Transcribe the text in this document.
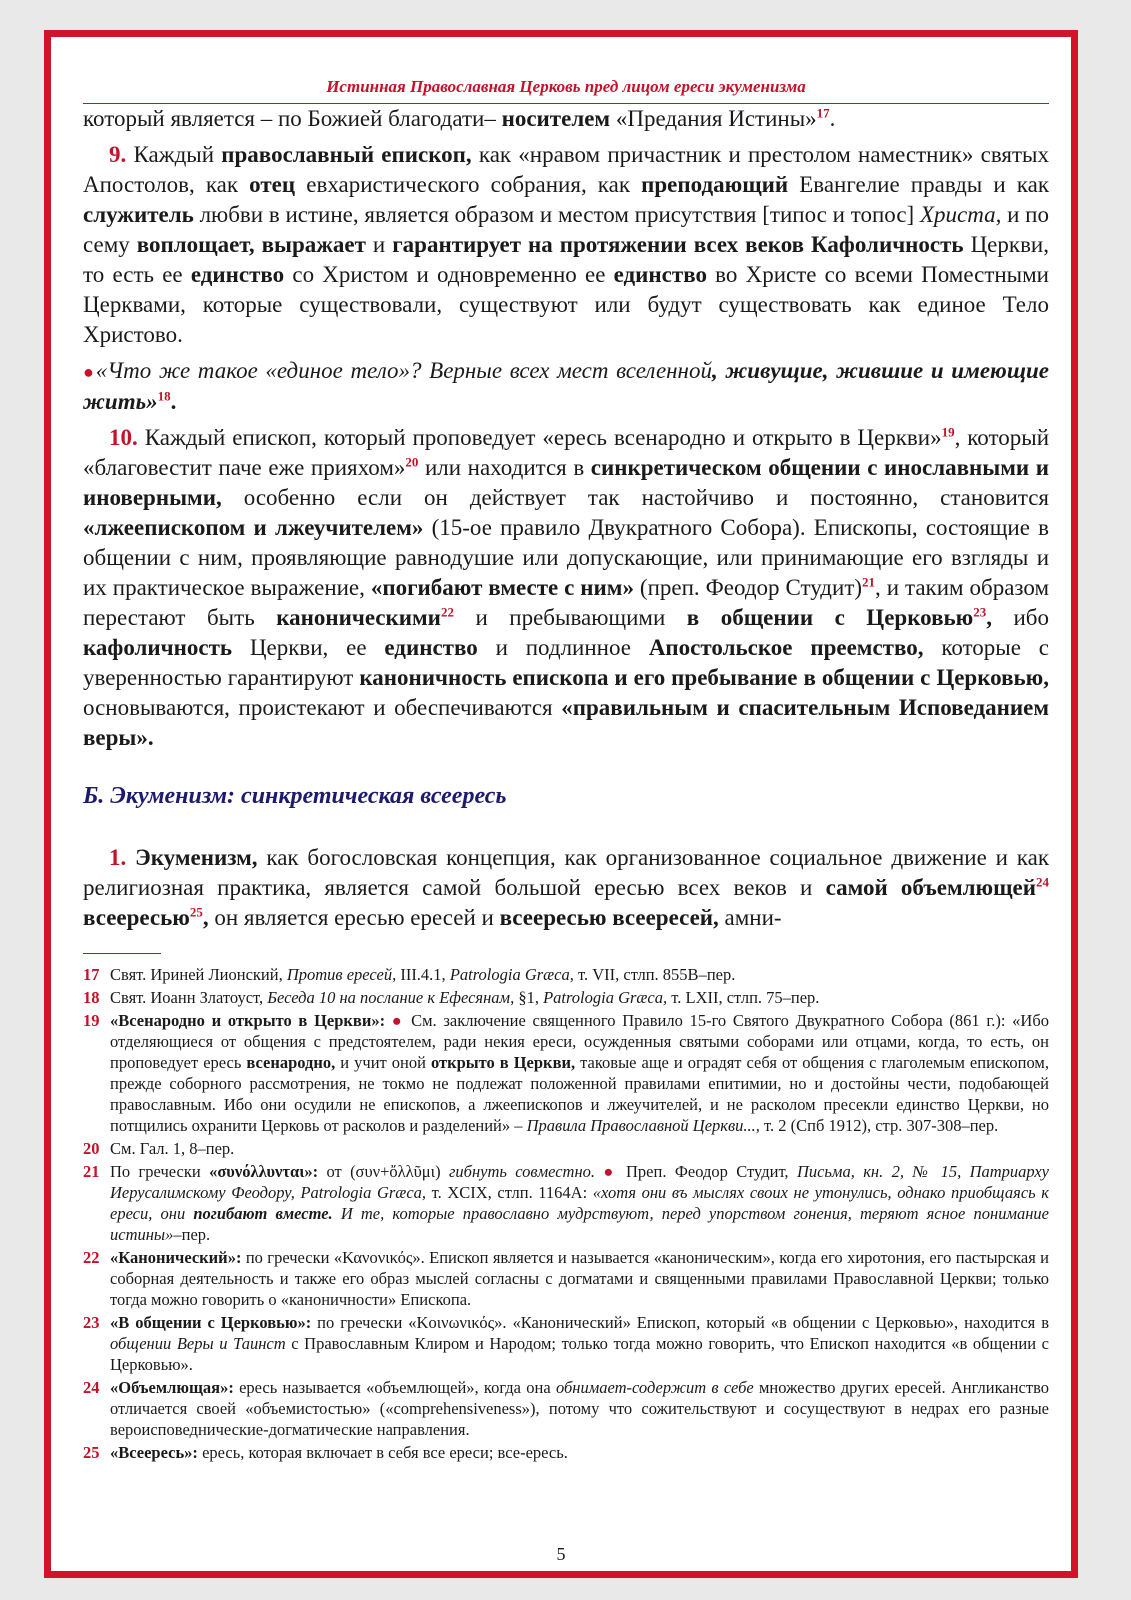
Истинная Православная Церковь пред лицом ереси экуменизма

который является – по Божией благодати– носителем «Предания Истины»$^{17}$.

9. Каждый православный епископ, как «нравом причастник и престолом наместник» святых Апостолов, как отец евхаристического собрания, как преподающий Евангелие правды и как служитель любви в истине, является образом и местом присутствия [типос и топос] Христа, и по сему воплощает, выражает и гарантирует на протяжении всех веков Кафоличность Церкви, то есть ее единство со Христом и одновременно ее единство во Христе со всеми Поместными Церквами, которые существовали, существуют или будут существовать как единое Тело Христово.

●«Что же такое «единое тело»? Верные всех мест вселенной, живущие, жившие и имеющие жить»$^{18}$.

10. Каждый епископ, который проповедует «ересь всенародно и открыто в Церкви»$^{19}$, который «благовестит паче еже прияхом»$^{20}$ или находится в синкретическом общении с инославными и иноверными, особенно если он действует так настойчиво и постоянно, становится «лжеепископом и лжеучителем» (15-ое правило Двукратного Собора). Епископы, состоящие в общении с ним, проявляющие равнодушие или допускающие, или принимающие его взгляды и их практическое выражение, «погибают вместе с ним» (преп. Феодор Студит)$^{21}$, и таким образом перестают быть каноническими$^{22}$ и пребывающими в общении с Церковью$^{23}$, ибо кафоличность Церкви, ее единство и подлинное Апостольское преемство, которые с уверенностью гарантируют каноничность епископа и его пребывание в общении с Церковью, основываются, проистекают и обеспечиваются «правильным и спасительным Исповеданием веры».

Б. Экуменизм: синкретическая всеересь

1. Экуменизм, как богословская концепция, как организованное социальное движение и как религиозная практика, является самой большой ересью всех веков и самой объемлющей$^{24}$ всеересью$^{25}$, он является ересью ересей и всеересью всеересей, амни-

17 Свят. Ириней Лионский, Против ересей, III.4.1, Patrologia Græca, т. VII, стлп. 855B–пер.
18 Свят. Иоанн Златоуст, Беседа 10 на послание к Ефесянам, §1, Patrologia Græca, т. LXII, стлп. 75–пер.
19 «Всенародно и открыто в Церкви»: ● См. заключение священного Правило 15-го Святого Двукратного Собора (861 г.): «Ибо отделяющиеся от общения с предстоятелем, ради некия ереси, осужденныя святыми соборами или отцами, когда, то есть, он проповедует ересь всенародно, и учит оной открыто в Церкви, таковые аще и оградят себя от общения с глаголемым епископом, прежде соборного рассмотрения, не токмо не подлежат положенной правилами епитимии, но и достойны чести, подобающей православным. Ибо они осудили не епископов, а лжеепископов и лжеучителей, и не расколом пресекли единство Церкви, но потщились охранити Церковь от расколов и разделений» – Правила Православной Церкви..., т. 2 (Спб 1912), стр. 307-308–пер.
20 См. Гал. 1, 8–пер.
21 По гречески «συνόλλυνται»: от (συν+ὄλλῦμι) гибнуть совместно. ● Преп. Феодор Студит, Письма, кн. 2, № 15, Патриарху Иерусалимскому Феодору, Patrologia Græca, т. XCIX, стлп. 1164A: «хотя они въ мыслях своих не утонулись, однако приобщаясь к ереси, они погибают вместе. И те, которые православно мудрствуют, перед упорством гонения, теряют ясное понимание истины»–пер.
22 «Канонический»: по гречески «Κανονικός». Епископ является и называется «каноническим», когда его хиротония, его пастырская и соборная деятельность и также его образ мыслей согласны с догматами и священными правилами Православной Церкви; только тогда можно говорить о «каноничности» Епископа.
23 «В общении с Церковью»: по гречески «Κοινωνικός». «Канонический» Епископ, который «в общении с Церковью», находится в общении Веры и Таинст с Православным Клиром и Народом; только тогда можно говорить, что Епископ находится «в общении с Церковью».
24 «Объемлющая»: ересь называется «объемлющей», когда она обнимает-содержит в себе множество других ересей. Англиканство отличается своей «объемистостью» («comprehensiveness»), потому что сожительствуют и сосуществуют в недрах его разные вероисповеднические-догматические направления.
25 «Всеересь»: ересь, которая включает в себя все ереси; все-ересь.
5
